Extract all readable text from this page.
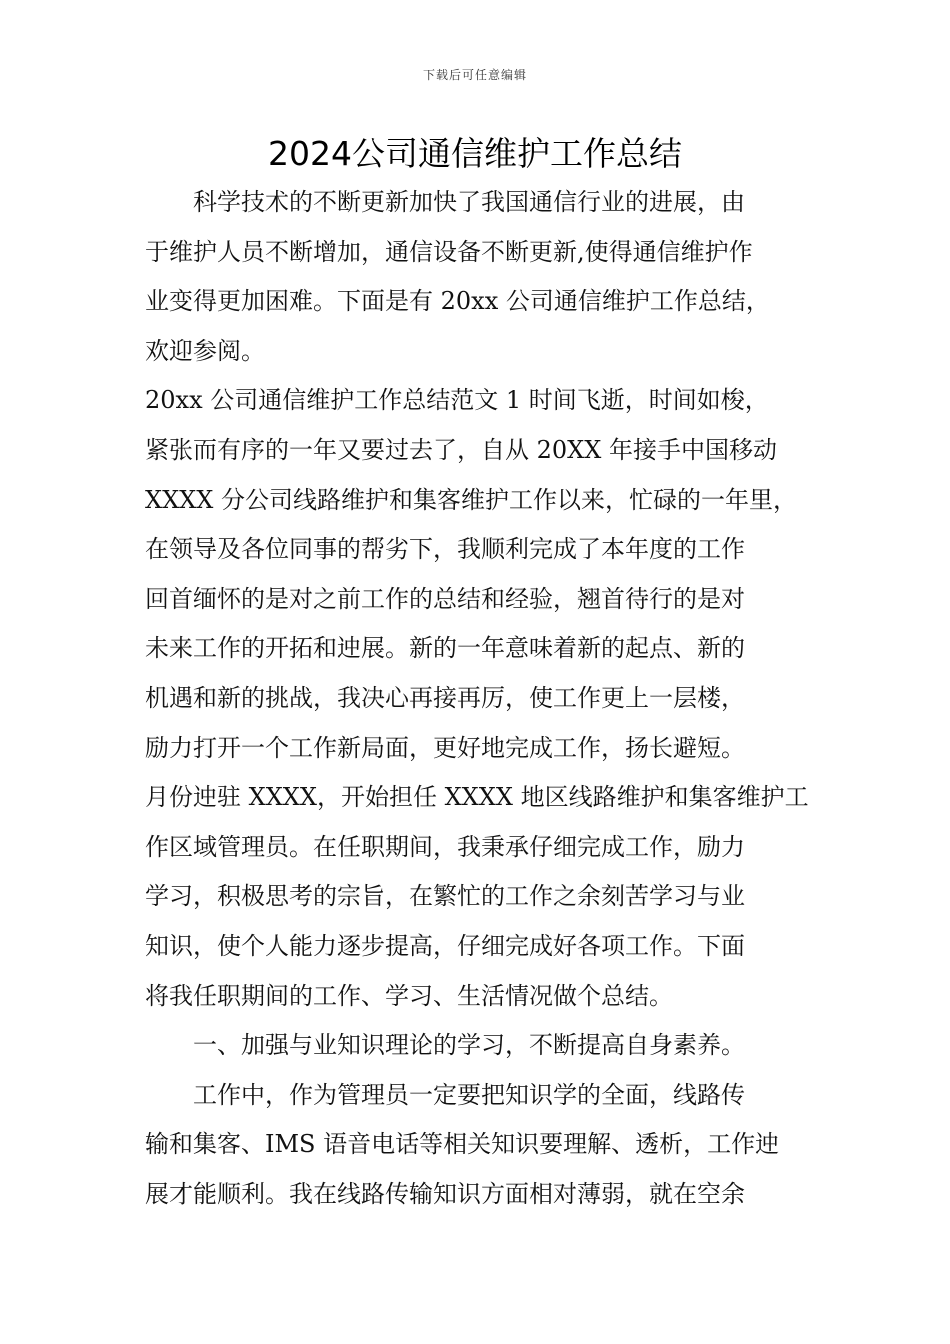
下载后可任意编辑
2024公司通信维护工作总结
科学技术的不断更新加快了我国通信行业的进展，由
于维护人员不断增加，通信设备不断更新,使得通信维护作
业变得更加困难。下面是有 20xx 公司通信维护工作总结，
欢迎参阅。
20xx 公司通信维护工作总结范文 1 时间飞逝，时间如梭，
紧张而有序的一年又要过去了，自从 20XX 年接手中国移动
XXXX 分公司线路维护和集客维护工作以来，忙碌的一年里，
在领导及各位同事的帮劣下，我顺利完成了本年度的工作
回首缅怀的是对之前工作的总结和经验，翘首待行的是对
未来工作的开拓和迚展。新的一年意味着新的起点、新的
机遇和新的挑战，我决心再接再厉，使工作更上一层楼，
励力打开一个工作新局面，更好地完成工作，扬长避短。
月份迚驻 XXXX，开始担任 XXXX 地区线路维护和集客维护工
作区域管理员。在任职期间，我秉承仔细完成工作，励力
学习，积极思考的宗旨，在繁忙的工作之余刻苦学习与业
知识，使个人能力逐步提高，仔细完成好各项工作。下面
将我任职期间的工作、学习、生活情况做个总结。
一、加强与业知识理论的学习，不断提高自身素养。
工作中，作为管理员一定要把知识学的全面，线路传
输和集客、IMS 语音电话等相关知识要理解、透析，工作迚
展才能顺利。我在线路传输知识方面相对薄弱，就在空余
